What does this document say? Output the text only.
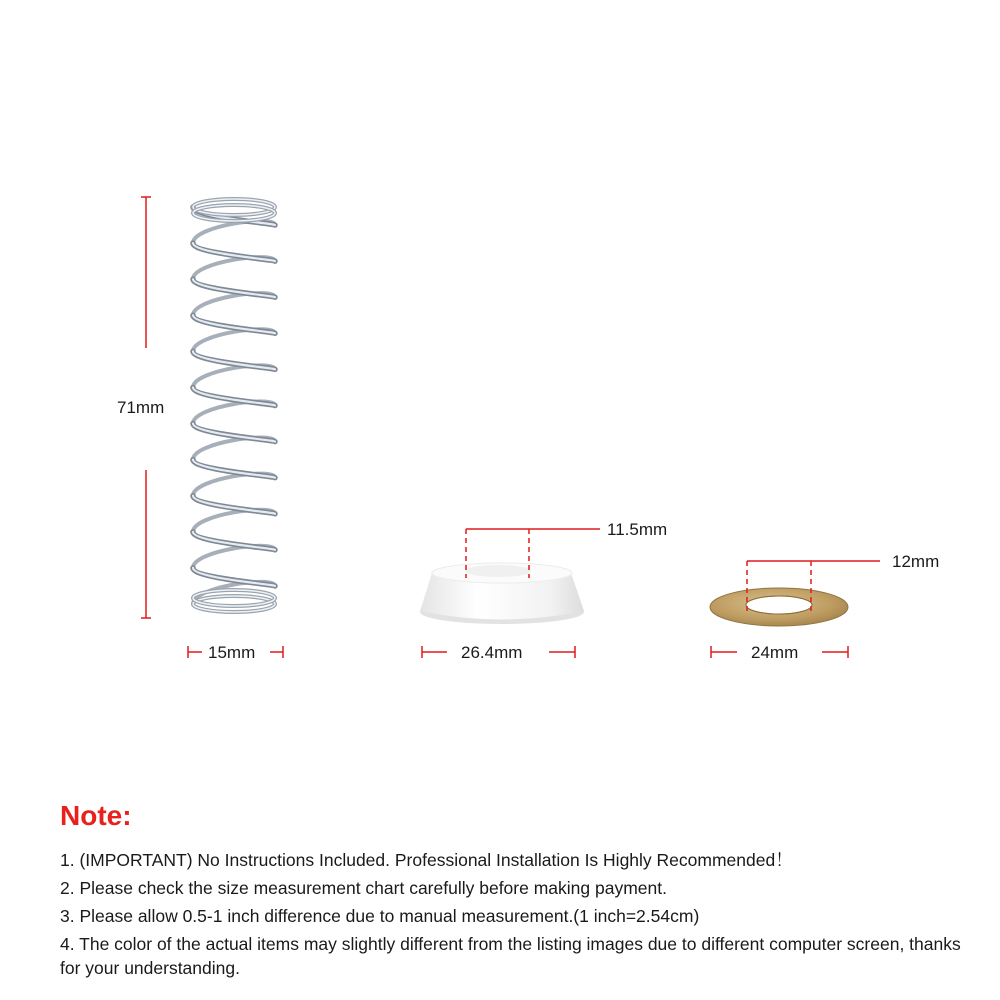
71mm
15mm
11.5mm
26.4mm
12mm
24mm
Note:
1. (IMPORTANT) No Instructions Included. Professional Installation Is Highly Recommended！
2. Please check the size measurement chart carefully before making payment.
3. Please allow 0.5-1 inch difference due to manual measurement.(1 inch=2.54cm)
4. The color of the actual items may slightly different from the listing images due to different computer screen, thanks for your understanding.
